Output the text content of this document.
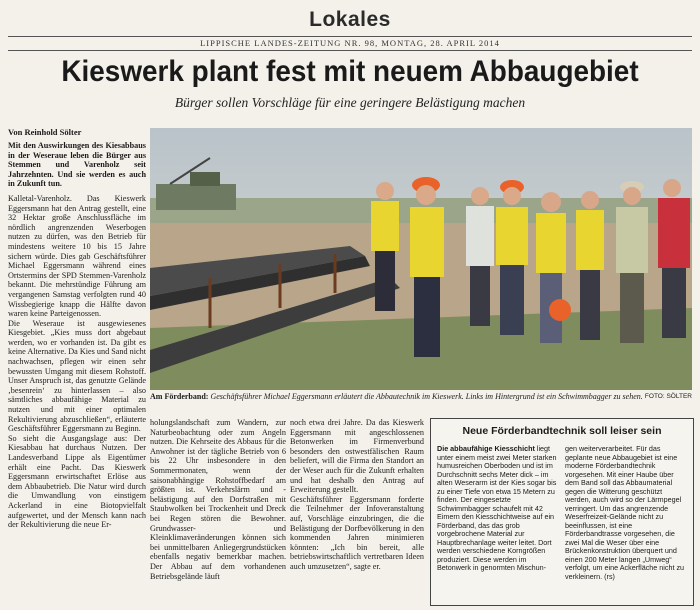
Lokales
LIPPISCHE LANDES-ZEITUNG NR. 98, MONTAG, 28. APRIL 2014
Kieswerk plant fest mit neuem Abbaugebiet
Bürger sollen Vorschläge für eine geringere Belästigung machen
Von Reinhold Sölter

Mit den Auswirkungen des Kiesabbaus in der Weseraue leben die Bürger aus Stemmen und Varenholz seit Jahrzehnten. Und sie werden es auch in Zukunft tun.

Kalletal-Varenholz. Das Kieswerk Eggersmann hat den Antrag gestellt, eine 32 Hektar große Anschlussfläche im nördlich angrenzenden Weserbogen nutzen zu dürfen, was den Betrieb für mindestens weitere 10 bis 15 Jahre sichern würde. Dies gab Geschäftsführer Michael Eggersmann während eines Ortstermins der SPD Stemmen-Varenholz bekannt. Die mehrstündige Führung am vergangenen Samstag verfolgten rund 40 Wissbegierige knapp die Hälfte davon waren keine Parteigenossen.

Die Weseraue ist ausgewiesenes Kiesgebiet. „Kies muss dort abgebaut werden, wo er vorhanden ist. Da gibt es keine Alternative. Da Kies und Sand nicht nachwachsen, pflegen wir einen sehr bewussten Umgang mit diesem Rohstoff. Unser Anspruch ist, das genutzte Gelände ‚besenrein‘ zu hinterlassen – also sämtliches abbaufähige Material zu nutzen und mit einer optimalen Rekultivierung abzuschließen“, erläuterte Geschäftsführer Eggersmann zu Beginn.

So sieht die Ausgangslage aus: Der Kiesabbau hat durchaus Nutzen. Der Landesverband Lippe als Eigentümer erhält eine Pacht. Das Kieswerk Eggersmann erwirtschaftet Erlöse aus dem Abbaubetrieb. Die Natur wird durch die Umwandlung von einstigem Ackerland in eine Biotopvielfalt aufgewertet, und der Mensch kann nach der Rekultivierung die neue Er-

Am Förderband: Geschäftsführer Michael Eggersmann erläutert die Abbautechnik im Kieswerk. Links im Hintergrund ist ein Schwimmbagger zu sehen. FOTO: SÖLTER

holungslandschaft zum Wandern, zur Naturbeobachtung oder zum Angeln nutzen. Die Kehrseite des Abbaus für die Anwohner ist der tägliche Betrieb von 6 bis 22 Uhr insbesondere in den Sommermonaten, wenn der saisonabhängige Rohstoffbedarf am größten ist. Verkehrslärm und -belästigung auf den Dorfstraßen mit Staubwolken bei Trockenheit und Dreck bei Regen stören die Bewohner. Grundwasser- und Kleinklimaveränderungen können sich bei unmittelbaren Anliegergrundstücken ebenfalls negativ bemerkbar machen. Der Abbau auf dem vorhandenen Betriebsgelände läuft

noch etwa drei Jahre. Da das Kieswerk Eggersmann mit angeschlossenen Betonwerken im Firmenverbund besonders den ostwestfälischen Raum beliefert, will die Firma den Standort an der Weser auch für die Zukunft erhalten und hat deshalb den Antrag auf Erweiterung gestellt.

Geschäftsführer Eggersmann forderte die Teilnehmer der Infoveranstaltung auf, Vorschläge einzubringen, die die Belästigung der Dorfbevölkerung in den kommenden Jahren minimieren könnten: „Ich bin bereit, alle betriebswirtschaftlich vertretbaren Ideen auch umzusetzen“, sagte er.

Neue Förderbandtechnik soll leiser sein
Die abbaufähige Kiesschicht liegt unter einem meist zwei Meter starken humusreichen Oberboden und ist im Durchschnitt sechs Meter dick – im alten Weserarm ist der Kies sogar bis zu einer Tiefe von etwa 15 Metern zu finden. Der eingesetzte Schwimmbagger schaufelt mit 42 Eimern den Kiesschichtweise auf ein Förderband, das das grob vorgebrochene Material zur Hauptbrechanlage weiter leitet. Dort werden verschiedene Korngrößen produziert. Diese werden im Betonwerk in genormten Mischun-
gen weiterverarbeitet. Für das geplante neue Abbaugebiet ist eine moderne Förderbandtechnik vorgesehen. Mit einer Haube über dem Band soll das Abbaumaterial gegen die Witterung geschützt werden, auch wird so der Lärmpegel verringert. Um das angrenzende Weserfreizeit-Gelände nicht zu beeinflussen, ist eine Förderbandtrasse vorgesehen, die zwei Mal die Weser über eine Brückenkonstruktion überquert und einen 200 Meter langen „Umweg“ verfolgt, um eine Ackerfläche nicht zu verkleinern. (rs)
